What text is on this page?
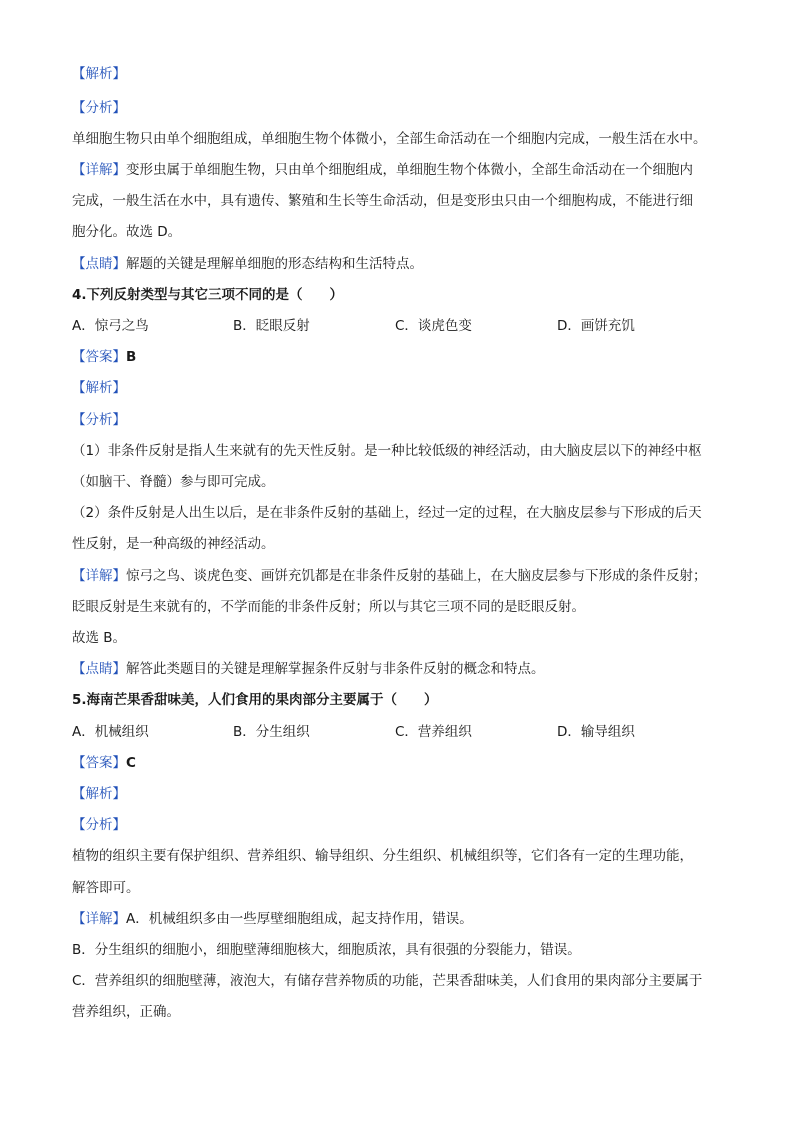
【解析】
【分析】
单细胞生物只由单个细胞组成，单细胞生物个体微小，全部生命活动在一个细胞内完成，一般生活在水中。
【详解】变形虫属于单细胞生物，只由单个细胞组成，单细胞生物个体微小，全部生命活动在一个细胞内
完成，一般生活在水中，具有遗传、繁殖和生长等生命活动，但是变形虫只由一个细胞构成，不能进行细
胞分化。故选 D。
【点睛】解题的关键是理解单细胞的形态结构和生活特点。
4.下列反射类型与其它三项不同的是（　　）
A．惊弓之鸟	B．眨眼反射	C．谈虎色变	D．画饼充饥
【答案】B
【解析】
【分析】
（1）非条件反射是指人生来就有的先天性反射。是一种比较低级的神经活动，由大脑皮层以下的神经中枢
（如脑干、脊髓）参与即可完成。
（2）条件反射是人出生以后，是在非条件反射的基础上，经过一定的过程，在大脑皮层参与下形成的后天
性反射，是一种高级的神经活动。
【详解】惊弓之鸟、谈虎色变、画饼充饥都是在非条件反射的基础上，在大脑皮层参与下形成的条件反射；
眨眼反射是生来就有的，不学而能的非条件反射；所以与其它三项不同的是眨眼反射。
故选 B。
【点睛】解答此类题目的关键是理解掌握条件反射与非条件反射的概念和特点。
5.海南芒果香甜味美，人们食用的果肉部分主要属于（　　）
A．机械组织	B．分生组织	C．营养组织	D．输导组织
【答案】C
【解析】
【分析】
植物的组织主要有保护组织、营养组织、输导组织、分生组织、机械组织等，它们各有一定的生理功能，
解答即可。
【详解】A．机械组织多由一些厚壁细胞组成，起支持作用，错误。
B．分生组织的细胞小，细胞壁薄细胞核大，细胞质浓，具有很强的分裂能力，错误。
C．营养组织的细胞壁薄，液泡大，有储存营养物质的功能，芒果香甜味美，人们食用的果肉部分主要属于
营养组织，正确。
